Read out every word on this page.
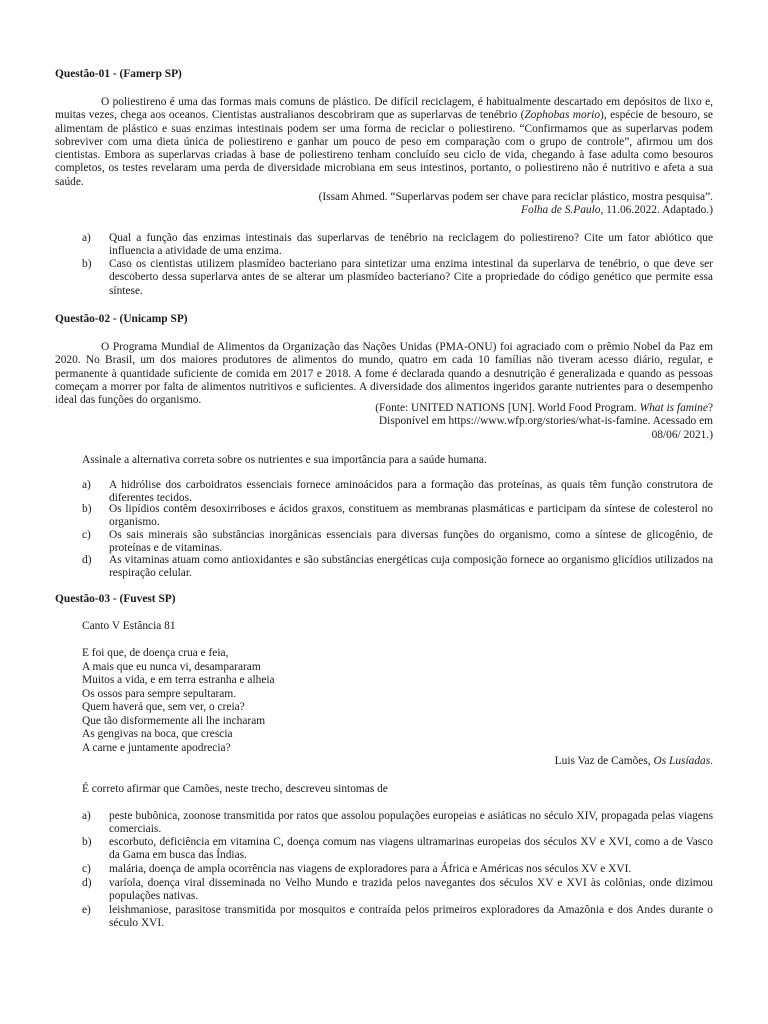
Questão-01 - (Famerp SP)
O poliestireno é uma das formas mais comuns de plástico. De difícil reciclagem, é habitualmente descartado em depósitos de lixo e, muitas vezes, chega aos oceanos. Cientistas australianos descobriram que as superlarvas de tenébrio (Zophobas morio), espécie de besouro, se alimentam de plástico e suas enzimas intestinais podem ser uma forma de reciclar o poliestireno. “Confirmamos que as superlarvas podem sobreviver com uma dieta única de poliestireno e ganhar um pouco de peso em comparação com o grupo de controle”, afirmou um dos cientistas. Embora as superlarvas criadas à base de poliestireno tenham concluído seu ciclo de vida, chegando à fase adulta como besouros completos, os testes revelaram uma perda de diversidade microbiana em seus intestinos, portanto, o poliestireno não é nutritivo e afeta a sua saúde.
(Issam Ahmed. “Superlarvas podem ser chave para reciclar plástico, mostra pesquisa”.
Folha de S.Paulo, 11.06.2022. Adaptado.)
a) Qual a função das enzimas intestinais das superlarvas de tenébrio na reciclagem do poliestireno? Cite um fator abiótico que influencia a atividade de uma enzima.
b) Caso os cientistas utilizem plasmídeo bacteriano para sintetizar uma enzima intestinal da superlarva de tenébrio, o que deve ser descoberto dessa superlarva antes de se alterar um plasmídeo bacteriano? Cite a propriedade do código genético que permite essa síntese.
Questão-02 - (Unicamp SP)
O Programa Mundial de Alimentos da Organização das Nações Unidas (PMA-ONU) foi agraciado com o prêmio Nobel da Paz em 2020. No Brasil, um dos maiores produtores de alimentos do mundo, quatro em cada 10 famílias não tiveram acesso diário, regular, e permanente à quantidade suficiente de comida em 2017 e 2018. A fome é declarada quando a desnutrição é generalizada e quando as pessoas começam a morrer por falta de alimentos nutritivos e suficientes. A diversidade dos alimentos ingeridos garante nutrientes para o desempenho ideal das funções do organismo.
(Fonte: UNITED NATIONS [UN]. World Food Program. What is famine? Disponível em https://www.wfp.org/stories/what-is-famine. Acessado em 08/06/ 2021.)
Assinale a alternativa correta sobre os nutrientes e sua importância para a saúde humana.
a) A hidrólise dos carboidratos essenciais fornece aminoácidos para a formação das proteínas, as quais têm função construtora de diferentes tecidos.
b) Os lipídios contêm desoxirriboses e ácidos graxos, constituem as membranas plasmáticas e participam da síntese de colesterol no organismo.
c) Os sais minerais são substâncias inorgânicas essenciais para diversas funções do organismo, como a síntese de glicogênio, de proteínas e de vitaminas.
d) As vitaminas atuam como antioxidantes e são substâncias energéticas cuja composição fornece ao organismo glicídios utilizados na respiração celular.
Questão-03 - (Fuvest SP)
Canto V Estância 81
E foi que, de doença crua e feia,
A mais que eu nunca vi, desampararam
Muitos a vida, e em terra estranha e alheia
Os ossos para sempre sepultaram.
Quem haverá que, sem ver, o creia?
Que tão disformemente ali lhe incharam
As gengivas na boca, que crescia
A carne e juntamente apodrecia?
Luis Vaz de Camões, Os Lusíadas.
É correto afirmar que Camões, neste trecho, descreveu sintomas de
a) peste bubônica, zoonose transmitida por ratos que assolou populações europeias e asiáticas no século XIV, propagada pelas viagens comerciais.
b) escorbuto, deficiência em vitamina C, doença comum nas viagens ultramarinas europeias dos séculos XV e XVI, como a de Vasco da Gama em busca das Índias.
c) malária, doença de ampla ocorrência nas viagens de exploradores para a África e Américas nos séculos XV e XVI.
d) varíola, doença viral disseminada no Velho Mundo e trazida pelos navegantes dos séculos XV e XVI às colônias, onde dizimou populações nativas.
e) leishmaniose, parasitose transmitida por mosquitos e contraída pelos primeiros exploradores da Amazônia e dos Andes durante o século XVI.
